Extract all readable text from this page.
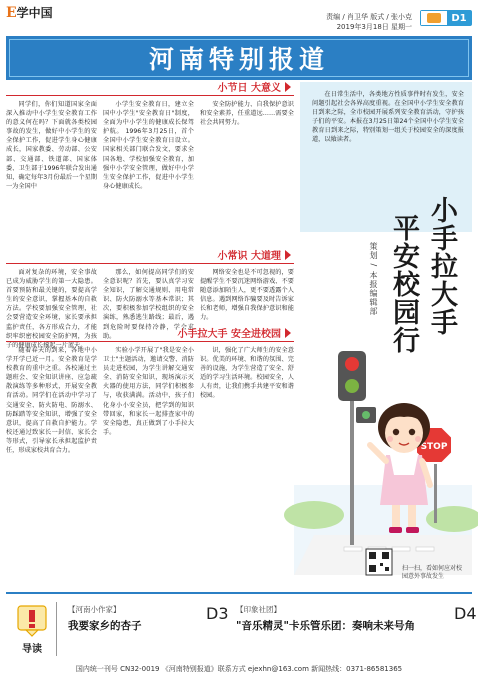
E学中国	责编 / 肖卫华 版式 / 张小克
2019年3月18日 星期一
D1
河南特别报道
小节日 大意义

同学们，你们知道国家全面深入推动中小学生安全教育工作的意义何在吗？下面就各类校园事故的发生，做好中小学生的安全保护工作，促进学生身心健康成长，国家教委、劳动部、公安部、交通部、铁道部、国家体委、卫生部于1996年联合发出通知，确定每年3月份最后一个星期一为全国中

小学生安全教育日，建立全国中小学生"安全教育日"制度，全面为中小学生的健康成长保驾护航。 1996年3月25日，首个全国中小学生安全教育日设立。国家相关部门联合发文，要求全国各地、学校加强安全教育，加强中小学安全管理，做好中小学生安全保护工作，促进中小学生身心健康成长。

安全防护能力、自我保护意识和安全素养，任重道远……需要全社会共同努力。

在日常生活中，各类地方性质事件时有发生，安全问题引起社会各界高度重视。在全国中小学生安全教育日到来之际，全市校园开展系列安全教育活动，守护孩子们的平安。本报在3月25日第24个全国中小学生安全教育日到来之际，特别策划一组关于校园安全的深度报道，以飨读者。

小手拉大手
平安校园行
策划 / 本报编辑部
小常识 大道理

面对复杂的环境，安全事故已成为威胁学生的第一大隐患。首要预防和最关键的，要提高学生的安全意识，掌握基本的自救方法。学校要加强安全管理，社会要营造安全环境，家长要承担监护责任，各方形成合力，才能织牢织密校园安全防护网，为孩子的健康成长撑起一片蓝天。

那么，如何提高同学们的安全意识呢？首先，要认真学习安全知识，了解交通规则、用电常识、防火防溺水等基本常识；其次，要积极参加学校组织的安全演练，熟悉逃生路线；最后，遇到危险时要保持冷静，学会求助。

网络安全也是不可忽视的，要提醒学生不要沉迷网络游戏、不要随意添加陌生人，更不要透露个人信息。遇到网络诈骗要及时告诉家长和老师，增强自我保护意识和能力。

小手拉大手 安全进校园

随着春天的到来，各地中小学开学已近一月。安全教育是学校教育的重中之重。各校通过主题班会、安全知识讲座、应急疏散演练等多种形式，开展安全教育活动。同学们在活动中学习了交通安全、防火防电、防溺水、防踩踏等安全知识，增强了安全意识，提高了自救自护能力。学校还通过致家长一封信、家长会等形式，引导家长承担起监护责任，形成家校共育合力。

实验小学开展了"我是安全小卫士"主题活动，邀请交警、消防员走进校园，为学生讲解交通安全、消防安全知识，现场演示灭火器的使用方法，同学们积极参与，收获满满。活动中，孩子们化身小小安全员，把学到的知识带回家，和家长一起排查家中的安全隐患，真正做到了小手拉大手。

识，强化了广大师生的安全意识。优美的环境、和谐的氛围、完善的设施，为学生营造了安全、舒适的学习生活环境。校园安全，人人有责，让我们携手共建平安和谐校园。

STOP
扫一扫，看如何应对校园意外事故发生
导读
【河南小作家】
我要家乡的杏子
D3 【印象社团】
"音乐精灵"卡乐管乐团：奏响未来号角
D4
国内统一刊号 CN32-0019 《河南特别报道》联系方式 ejexhn@163.com 新闻热线：0371-86581365
